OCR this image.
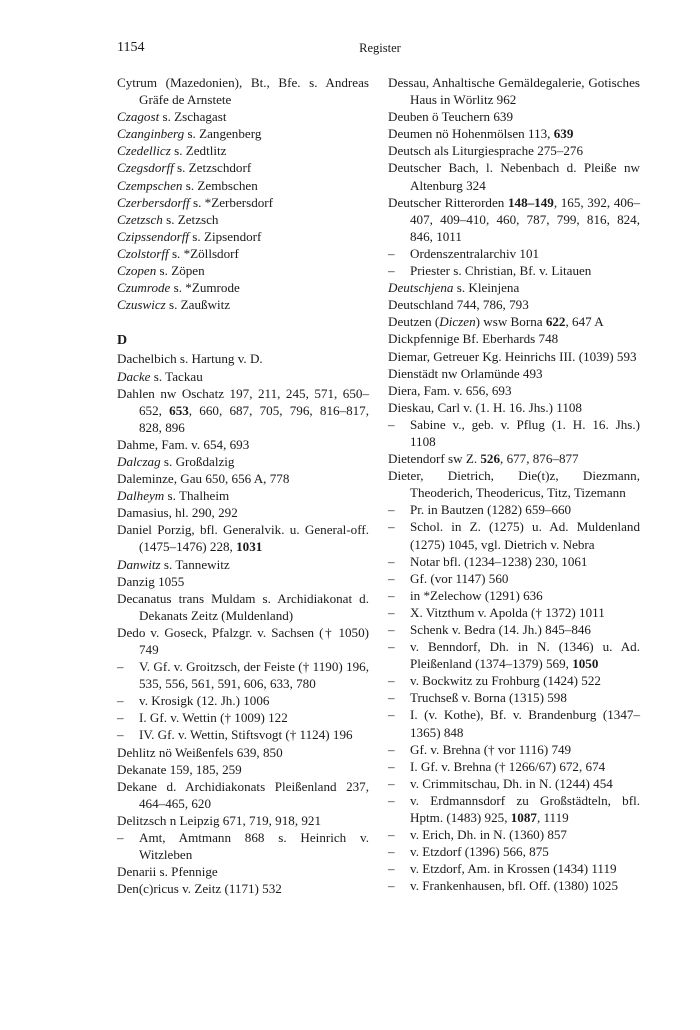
1154	Register
Cytrum (Mazedonien), Bt., Bfe. s. Andreas Gräfe de Arnstete
Czagost s. Zschagast
Czanginberg s. Zangenberg
Czedellicz s. Zedtlitz
Czegsdorff s. Zetzschdorf
Czempschen s. Zembschen
Czerbersdorff s. *Zerbersdorf
Czetzsch s. Zetzsch
Czipssendorff s. Zipsendorf
Czolstorff s. *Zöllsdorf
Czopen s. Zöpen
Czumrode s. *Zumrode
Czuswicz s. Zaußwitz
D
Dachelbich s. Hartung v. D.
Dacke s. Tackau
Dahlen nw Oschatz 197, 211, 245, 571, 650–652, 653, 660, 687, 705, 796, 816–817, 828, 896
Dahme, Fam. v. 654, 693
Dalczag s. Großdalzig
Daleminze, Gau 650, 656 A, 778
Dalheym s. Thalheim
Damasius, hl. 290, 292
Daniel Porzig, bfl. Generalvik. u. General-off. (1475–1476) 228, 1031
Danwitz s. Tannewitz
Danzig 1055
Decanatus trans Muldam s. Archidiakonat d. Dekanats Zeitz (Muldenland)
Dedo v. Goseck, Pfalzgr. v. Sachsen († 1050) 749
– V. Gf. v. Groitzsch, der Feiste († 1190) 196, 535, 556, 561, 591, 606, 633, 780
– v. Krosigk (12. Jh.) 1006
– I. Gf. v. Wettin († 1009) 122
– IV. Gf. v. Wettin, Stiftsvogt († 1124) 196
Dehlitz nö Weißenfels 639, 850
Dekanate 159, 185, 259
Dekane d. Archidiakonats Pleißenland 237, 464–465, 620
Delitzsch n Leipzig 671, 719, 918, 921
– Amt, Amtmann 868 s. Heinrich v. Witzleben
Denarii s. Pfennige
Den(c)ricus v. Zeitz (1171) 532
Dessau, Anhaltische Gemäldegalerie, Gotisches Haus in Wörlitz 962
Deuben ö Teuchern 639
Deumen nö Hohenmölsen 113, 639
Deutsch als Liturgiesprache 275–276
Deutscher Bach, l. Nebenbach d. Pleiße nw Altenburg 324
Deutscher Ritterorden 148–149, 165, 392, 406–407, 409–410, 460, 787, 799, 816, 824, 846, 1011
– Ordenszentralarchiv 101
– Priester s. Christian, Bf. v. Litauen
Deutschjena s. Kleinjena
Deutschland 744, 786, 793
Deutzen (Diczen) wsw Borna 622, 647 A
Dickpfennige Bf. Eberhards 748
Diemar, Getreuer Kg. Heinrichs III. (1039) 593
Dienstädt nw Orlamünde 493
Diera, Fam. v. 656, 693
Dieskau, Carl v. (1. H. 16. Jhs.) 1108
– Sabine v., geb. v. Pflug (1. H. 16. Jhs.) 1108
Dietendorf sw Z. 526, 677, 876–877
Dieter, Dietrich, Die(t)z, Diezmann, Theoderich, Theodericus, Titz, Tizemann
– Pr. in Bautzen (1282) 659–660
– Schol. in Z. (1275) u. Ad. Muldenland (1275) 1045, vgl. Dietrich v. Nebra
– Notar bfl. (1234–1238) 230, 1061
– Gf. (vor 1147) 560
– in *Zelechow (1291) 636
– X. Vitzthum v. Apolda († 1372) 1011
– Schenk v. Bedra (14. Jh.) 845–846
– v. Benndorf, Dh. in N. (1346) u. Ad. Pleißenland (1374–1379) 569, 1050
– v. Bockwitz zu Frohburg (1424) 522
– Truchseß v. Borna (1315) 598
– I. (v. Kothe), Bf. v. Brandenburg (1347–1365) 848
– Gf. v. Brehna († vor 1116) 749
– I. Gf. v. Brehna († 1266/67) 672, 674
– v. Crimmitschau, Dh. in N. (1244) 454
– v. Erdmannsdorf zu Großstädteln, bfl. Hptm. (1483) 925, 1087, 1119
– v. Erich, Dh. in N. (1360) 857
– v. Etzdorf (1396) 566, 875
– v. Etzdorf, Am. in Krossen (1434) 1119
– v. Frankenhausen, bfl. Off. (1380) 1025
